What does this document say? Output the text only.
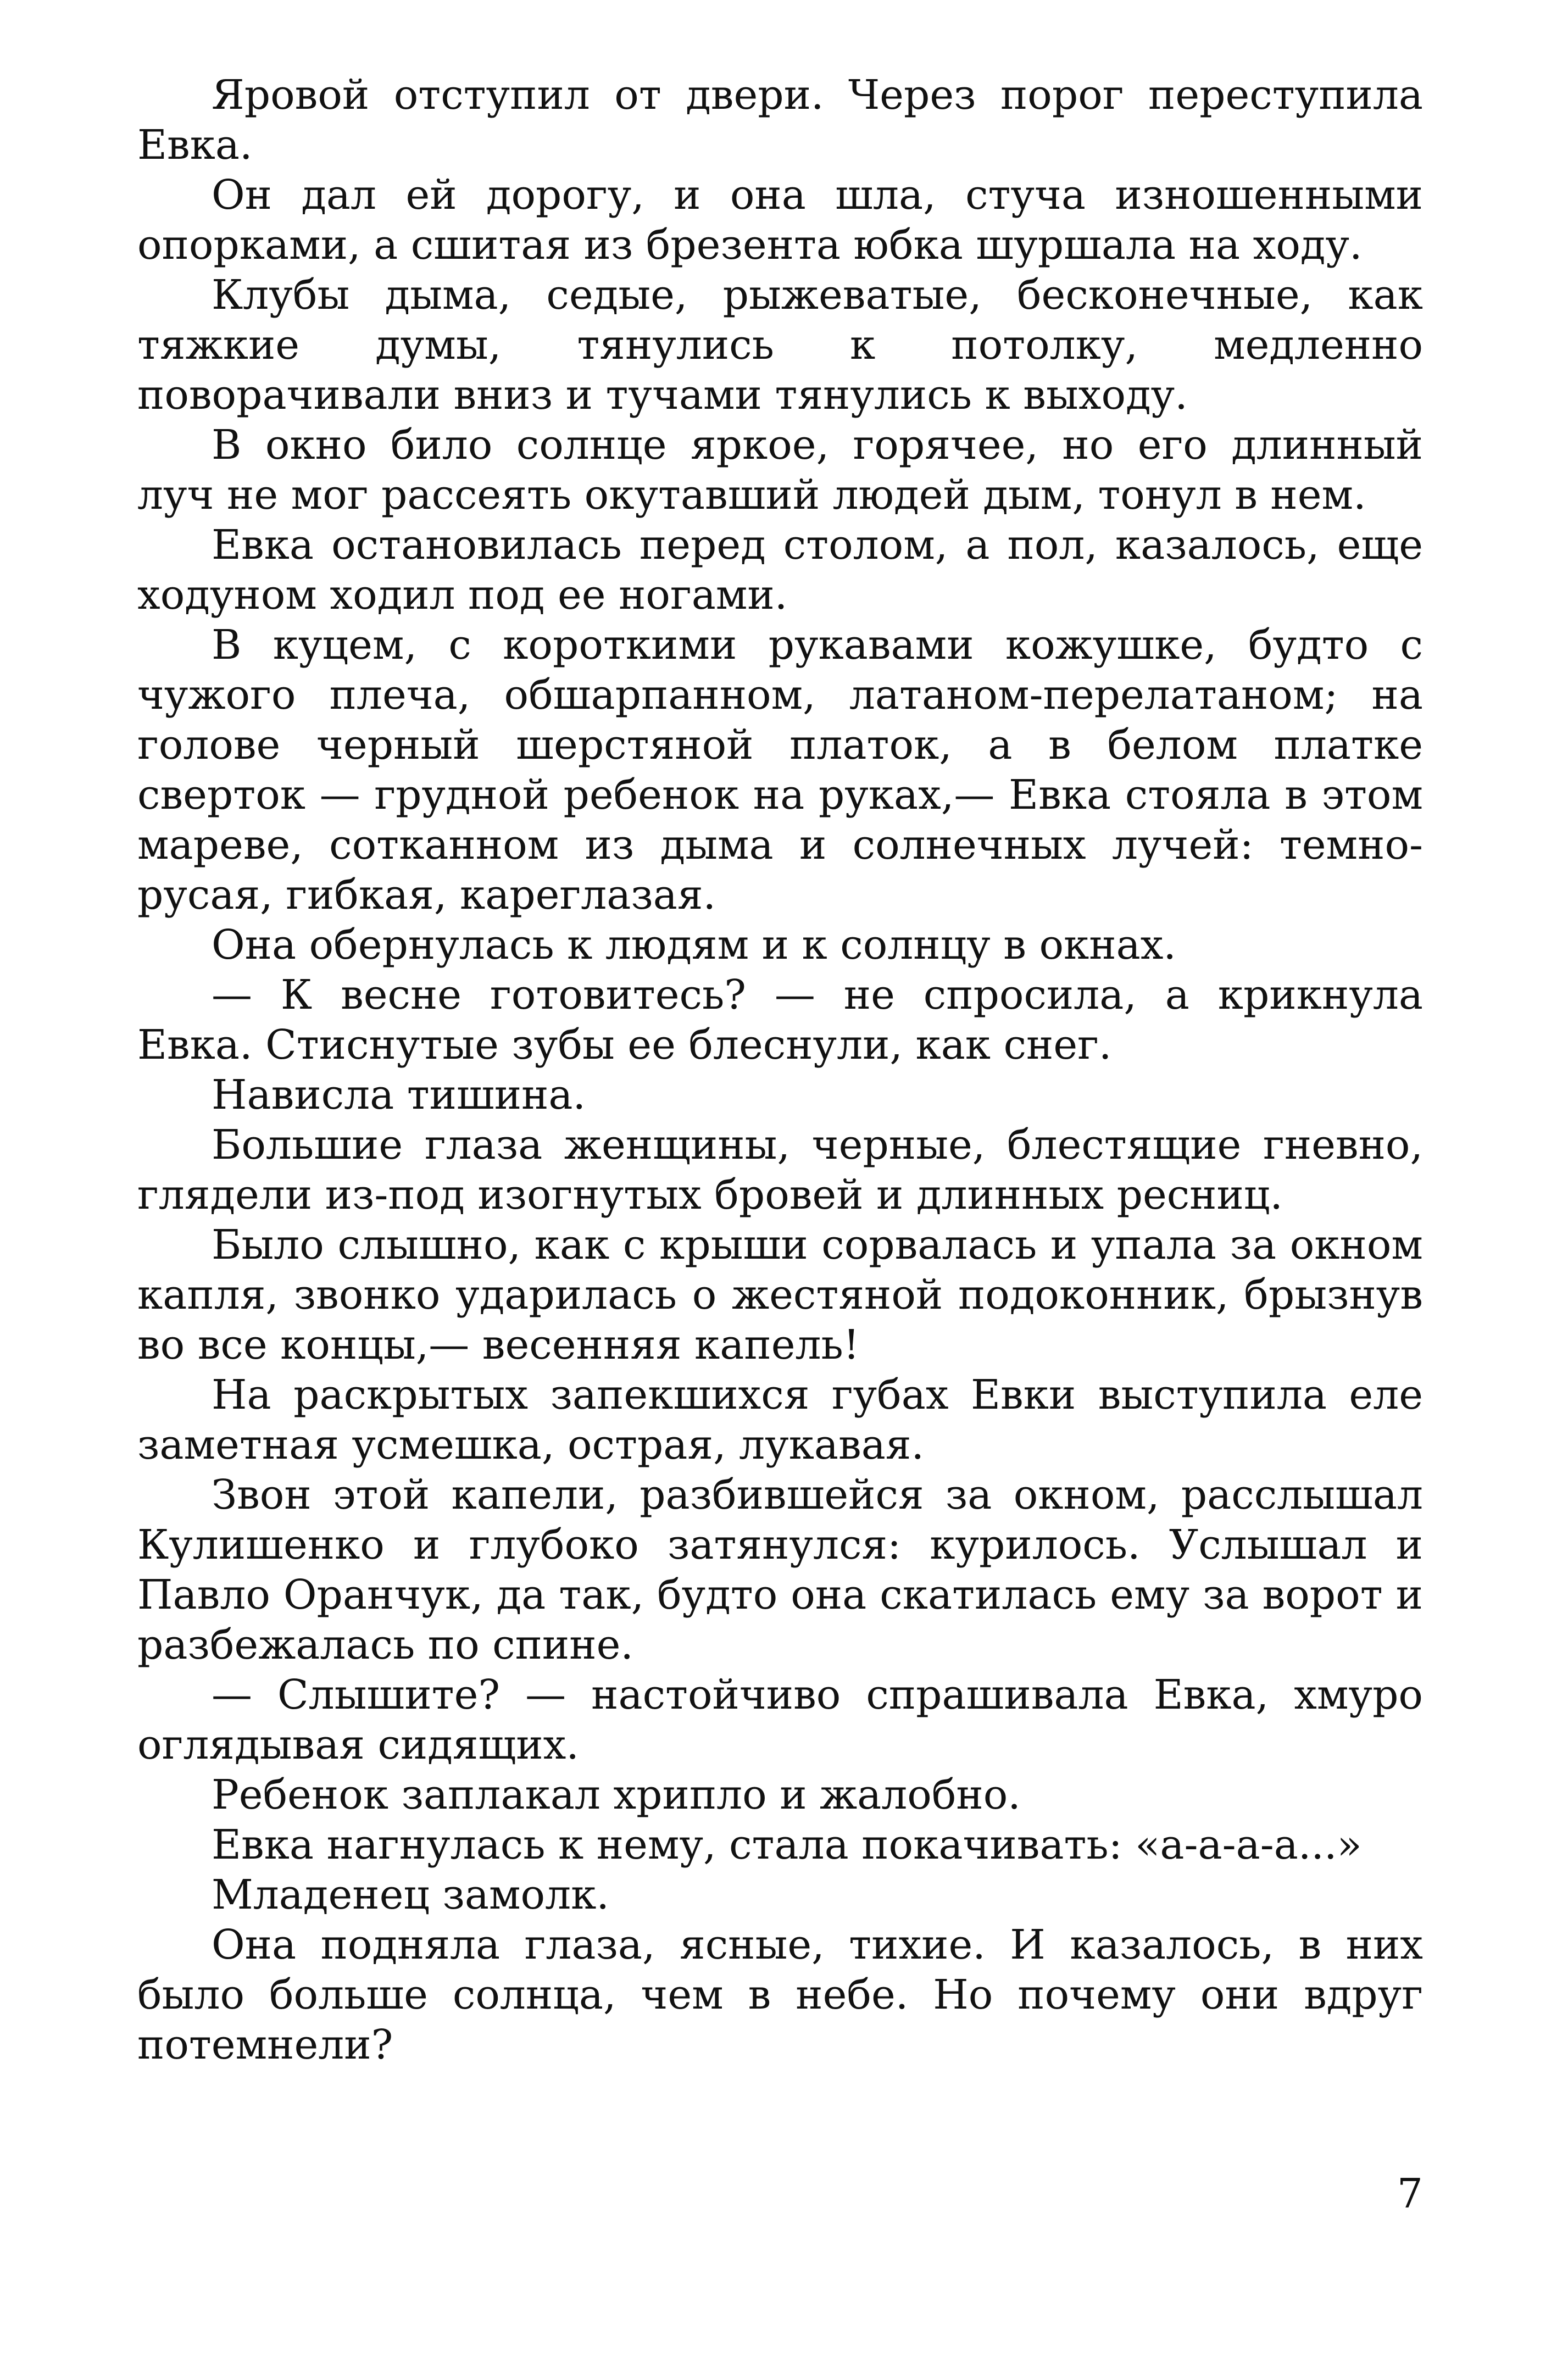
Яровой отступил от двери. Через порог переступила Евка.

Он дал ей дорогу, и она шла, стуча изношенными опорками, а сшитая из брезента юбка шуршала на ходу.

Клубы дыма, седые, рыжеватые, бесконечные, как тяжкие думы, тянулись к потолку, медленно поворачивали вниз и тучами тянулись к выходу.

В окно било солнце яркое, горячее, но его длинный луч не мог рассеять окутавший людей дым, тонул в нем.

Евка остановилась перед столом, а пол, казалось, еще ходуном ходил под ее ногами.

В куцем, с короткими рукавами кожушке, будто с чужого плеча, обшарпанном, латаном-перелатаном; на голове черный шерстяной платок, а в белом платке сверток — грудной ребенок на руках,— Евка стояла в этом мареве, сотканном из дыма и солнечных лучей: темно-русая, гибкая, кареглазая.

Она обернулась к людям и к солнцу в окнах.

— К весне готовитесь? — не спросила, а крикнула Евка. Стиснутые зубы ее блеснули, как снег.

Нависла тишина.

Большие глаза женщины, черные, блестящие гневно, глядели из-под изогнутых бровей и длинных ресниц.

Было слышно, как с крыши сорвалась и упала за окном капля, звонко ударилась о жестяной подоконник, брызнув во все концы,— весенняя капель!

На раскрытых запекшихся губах Евки выступила еле заметная усмешка, острая, лукавая.

Звон этой капели, разбившейся за окном, расслышал Кулишенко и глубоко затянулся: курилось. Услышал и Павло Оранчук, да так, будто она скатилась ему за ворот и разбежалась по спине.

— Слышите? — настойчиво спрашивала Евка, хмуро оглядывая сидящих.

Ребенок заплакал хрипло и жалобно.

Евка нагнулась к нему, стала покачивать: «а-а-а-а...»

Младенец замолк.

Она подняла глаза, ясные, тихие. И казалось, в них было больше солнца, чем в небе. Но почему они вдруг потемнели?

7
